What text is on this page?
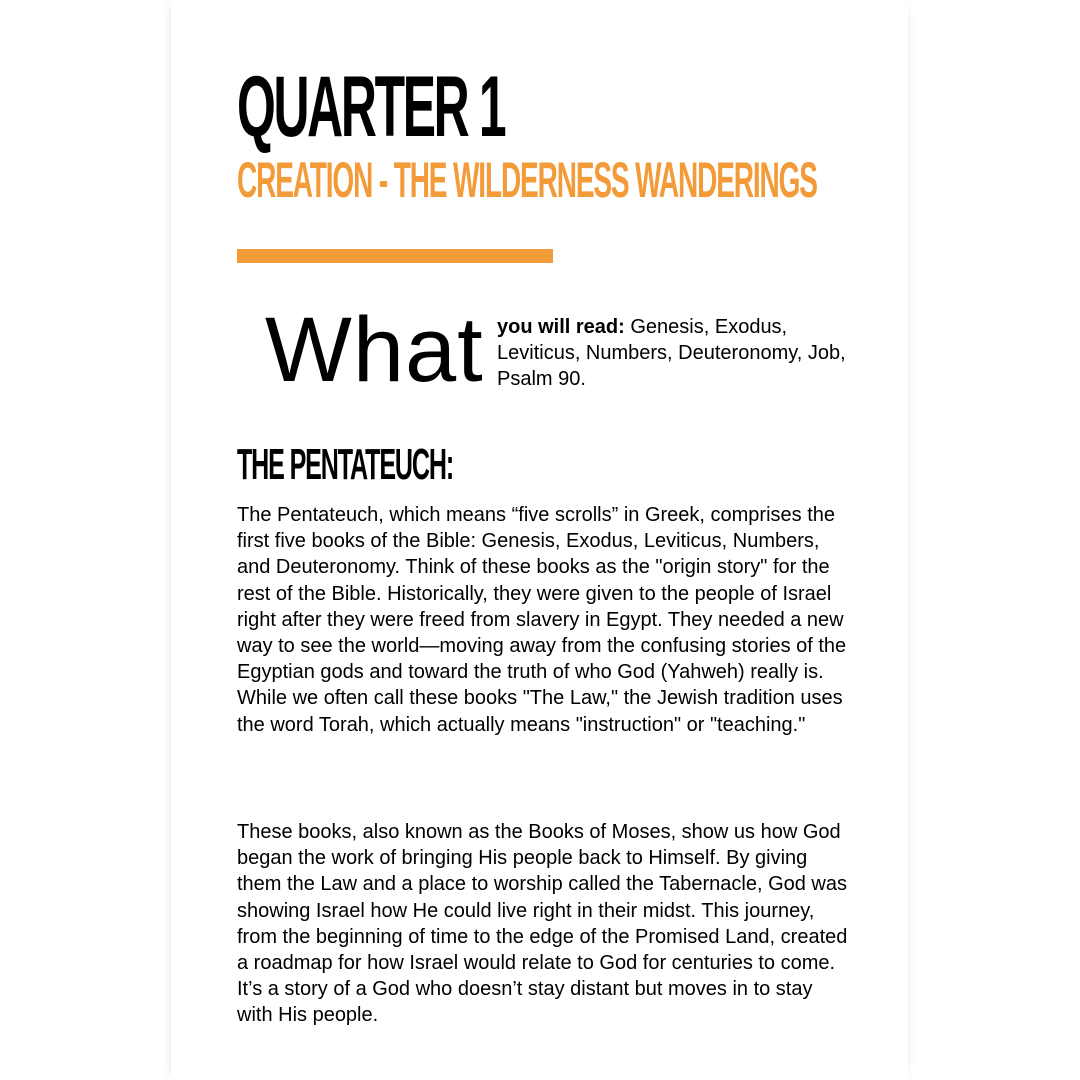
QUARTER 1
CREATION - THE WILDERNESS WANDERINGS
What you will read: Genesis, Exodus, Leviticus, Numbers, Deuteronomy, Job, Psalm 90.

THE PENTATEUCH:

The Pentateuch, which means “five scrolls” in Greek, comprises the first five books of the Bible: Genesis, Exodus, Leviticus, Numbers, and Deuteronomy. Think of these books as the "origin story" for the rest of the Bible. Historically, they were given to the people of Israel right after they were freed from slavery in Egypt. They needed a new way to see the world—moving away from the confusing stories of the Egyptian gods and toward the truth of who God (Yahweh) really is. While we often call these books "The Law," the Jewish tradition uses the word Torah, which actually means "instruction" or "teaching."

These books, also known as the Books of Moses, show us how God began the work of bringing His people back to Himself. By giving them the Law and a place to worship called the Tabernacle, God was showing Israel how He could live right in their midst. This journey, from the beginning of time to the edge of the Promised Land, created a roadmap for how Israel would relate to God for centuries to come. It’s a story of a God who doesn’t stay distant but moves in to stay with His people.
